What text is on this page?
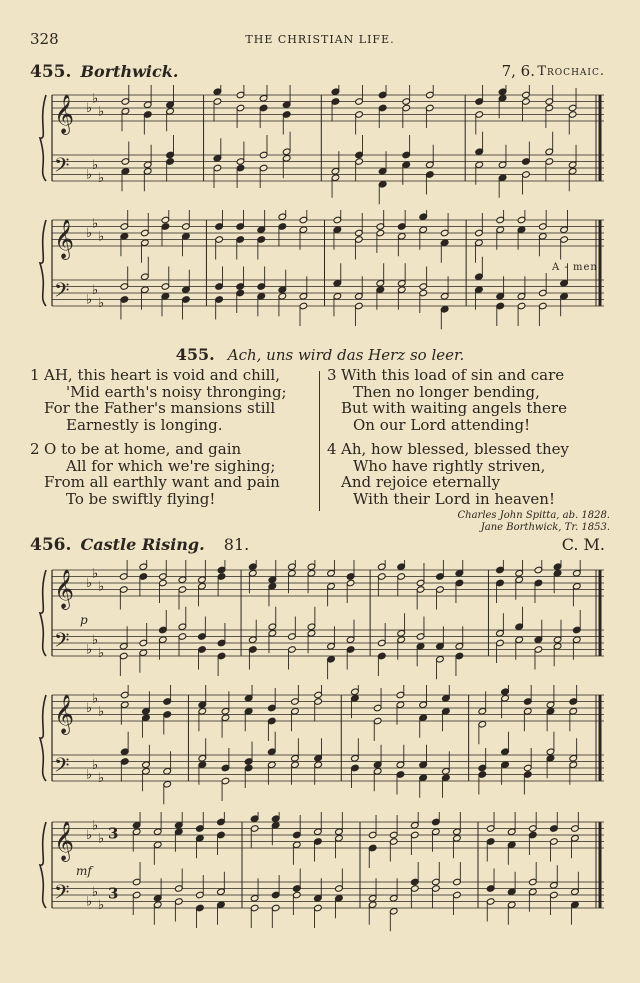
328	THE CHRISTIAN LIFE.
455. Borthwick.	7, 6. Trochaic.
𝄞
𝄢
♭
♭
♭
♭
♭
♭
𝄞
𝄢
♭
♭
♭
♭
♭
♭
A - men.
455. Ach, uns wird das Herz so leer.
1 AH, this heart is void and chill,
'Mid earth's noisy thronging;
For the Father's mansions still
Earnestly is longing.
2 O to be at home, and gain
All for which we're sighing;
From all earthly want and pain
To be swiftly flying!
3 With this load of sin and care
Then no longer bending,
But with waiting angels there
On our Lord attending!
4 Ah, how blessed, blessed they
Who have rightly striven,
And rejoice eternally
With their Lord in heaven!
Charles John Spitta, ab. 1828.
Jane Borthwick, Tr. 1853.
456. Castle Rising. 81.	C. M.
𝄞
𝄢
♭
♭
♭
♭
♭
♭
p
𝄞
𝄢
♭
♭
♭
♭
♭
♭
𝄞
𝄢
♭
♭
♭
♭
♭
♭
3
3
mf
